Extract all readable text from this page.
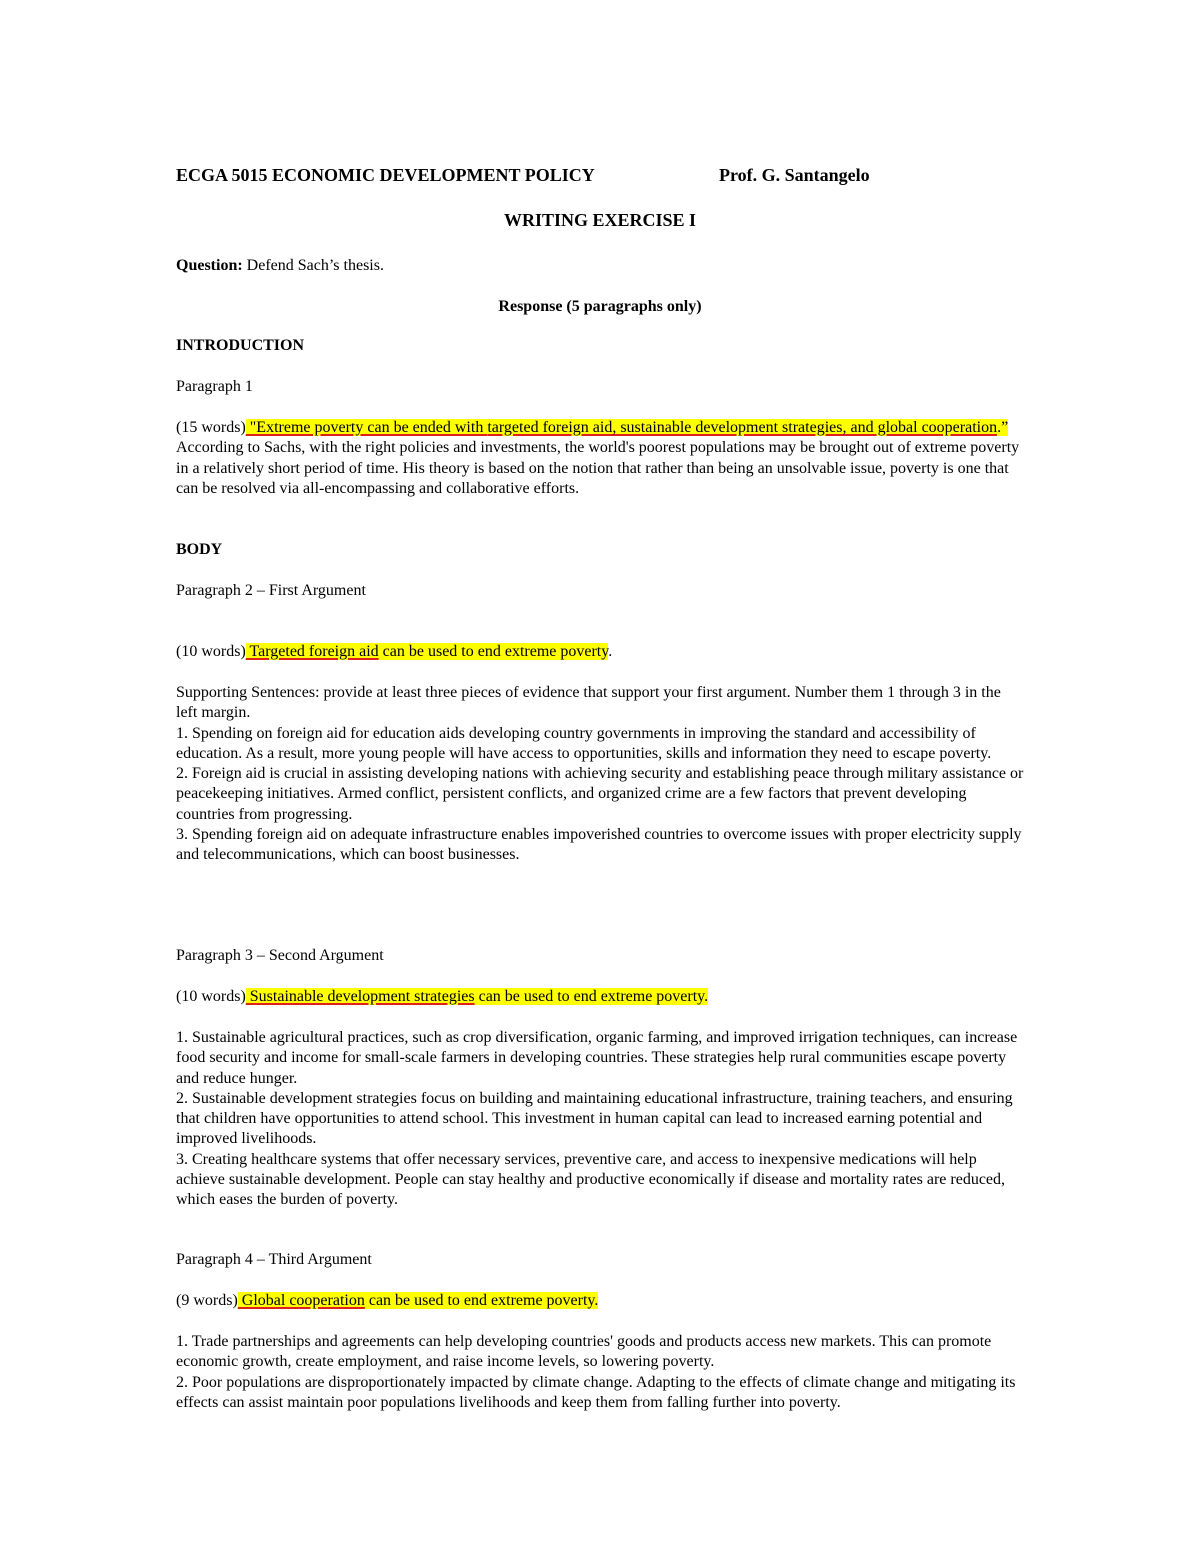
ECGA 5015 ECONOMIC DEVELOPMENT POLICY	Prof. G. Santangelo
WRITING EXERCISE I
Question: Defend Sach’s thesis.
Response (5 paragraphs only)
INTRODUCTION
Paragraph 1
(15 words) "Extreme poverty can be ended with targeted foreign aid, sustainable development strategies, and global cooperation.” According to Sachs, with the right policies and investments, the world's poorest populations may be brought out of extreme poverty in a relatively short period of time. His theory is based on the notion that rather than being an unsolvable issue, poverty is one that can be resolved via all-encompassing and collaborative efforts.
BODY
Paragraph 2 – First Argument
(10 words) Targeted foreign aid can be used to end extreme poverty.
Supporting Sentences: provide at least three pieces of evidence that support your first argument. Number them 1 through 3 in the left margin.
1. Spending on foreign aid for education aids developing country governments in improving the standard and accessibility of education. As a result, more young people will have access to opportunities, skills and information they need to escape poverty.
2. Foreign aid is crucial in assisting developing nations with achieving security and establishing peace through military assistance or peacekeeping initiatives. Armed conflict, persistent conflicts, and organized crime are a few factors that prevent developing countries from progressing.
3. Spending foreign aid on adequate infrastructure enables impoverished countries to overcome issues with proper electricity supply and telecommunications, which can boost businesses.
Paragraph 3 – Second Argument
(10 words) Sustainable development strategies can be used to end extreme poverty.
1. Sustainable agricultural practices, such as crop diversification, organic farming, and improved irrigation techniques, can increase food security and income for small-scale farmers in developing countries. These strategies help rural communities escape poverty and reduce hunger.
2. Sustainable development strategies focus on building and maintaining educational infrastructure, training teachers, and ensuring that children have opportunities to attend school. This investment in human capital can lead to increased earning potential and improved livelihoods.
3. Creating healthcare systems that offer necessary services, preventive care, and access to inexpensive medications will help achieve sustainable development. People can stay healthy and productive economically if disease and mortality rates are reduced, which eases the burden of poverty.
Paragraph 4 – Third Argument
(9 words) Global cooperation can be used to end extreme poverty.
1. Trade partnerships and agreements can help developing countries' goods and products access new markets. This can promote economic growth, create employment, and raise income levels, so lowering poverty.
2. Poor populations are disproportionately impacted by climate change. Adapting to the effects of climate change and mitigating its effects can assist maintain poor populations livelihoods and keep them from falling further into poverty.
